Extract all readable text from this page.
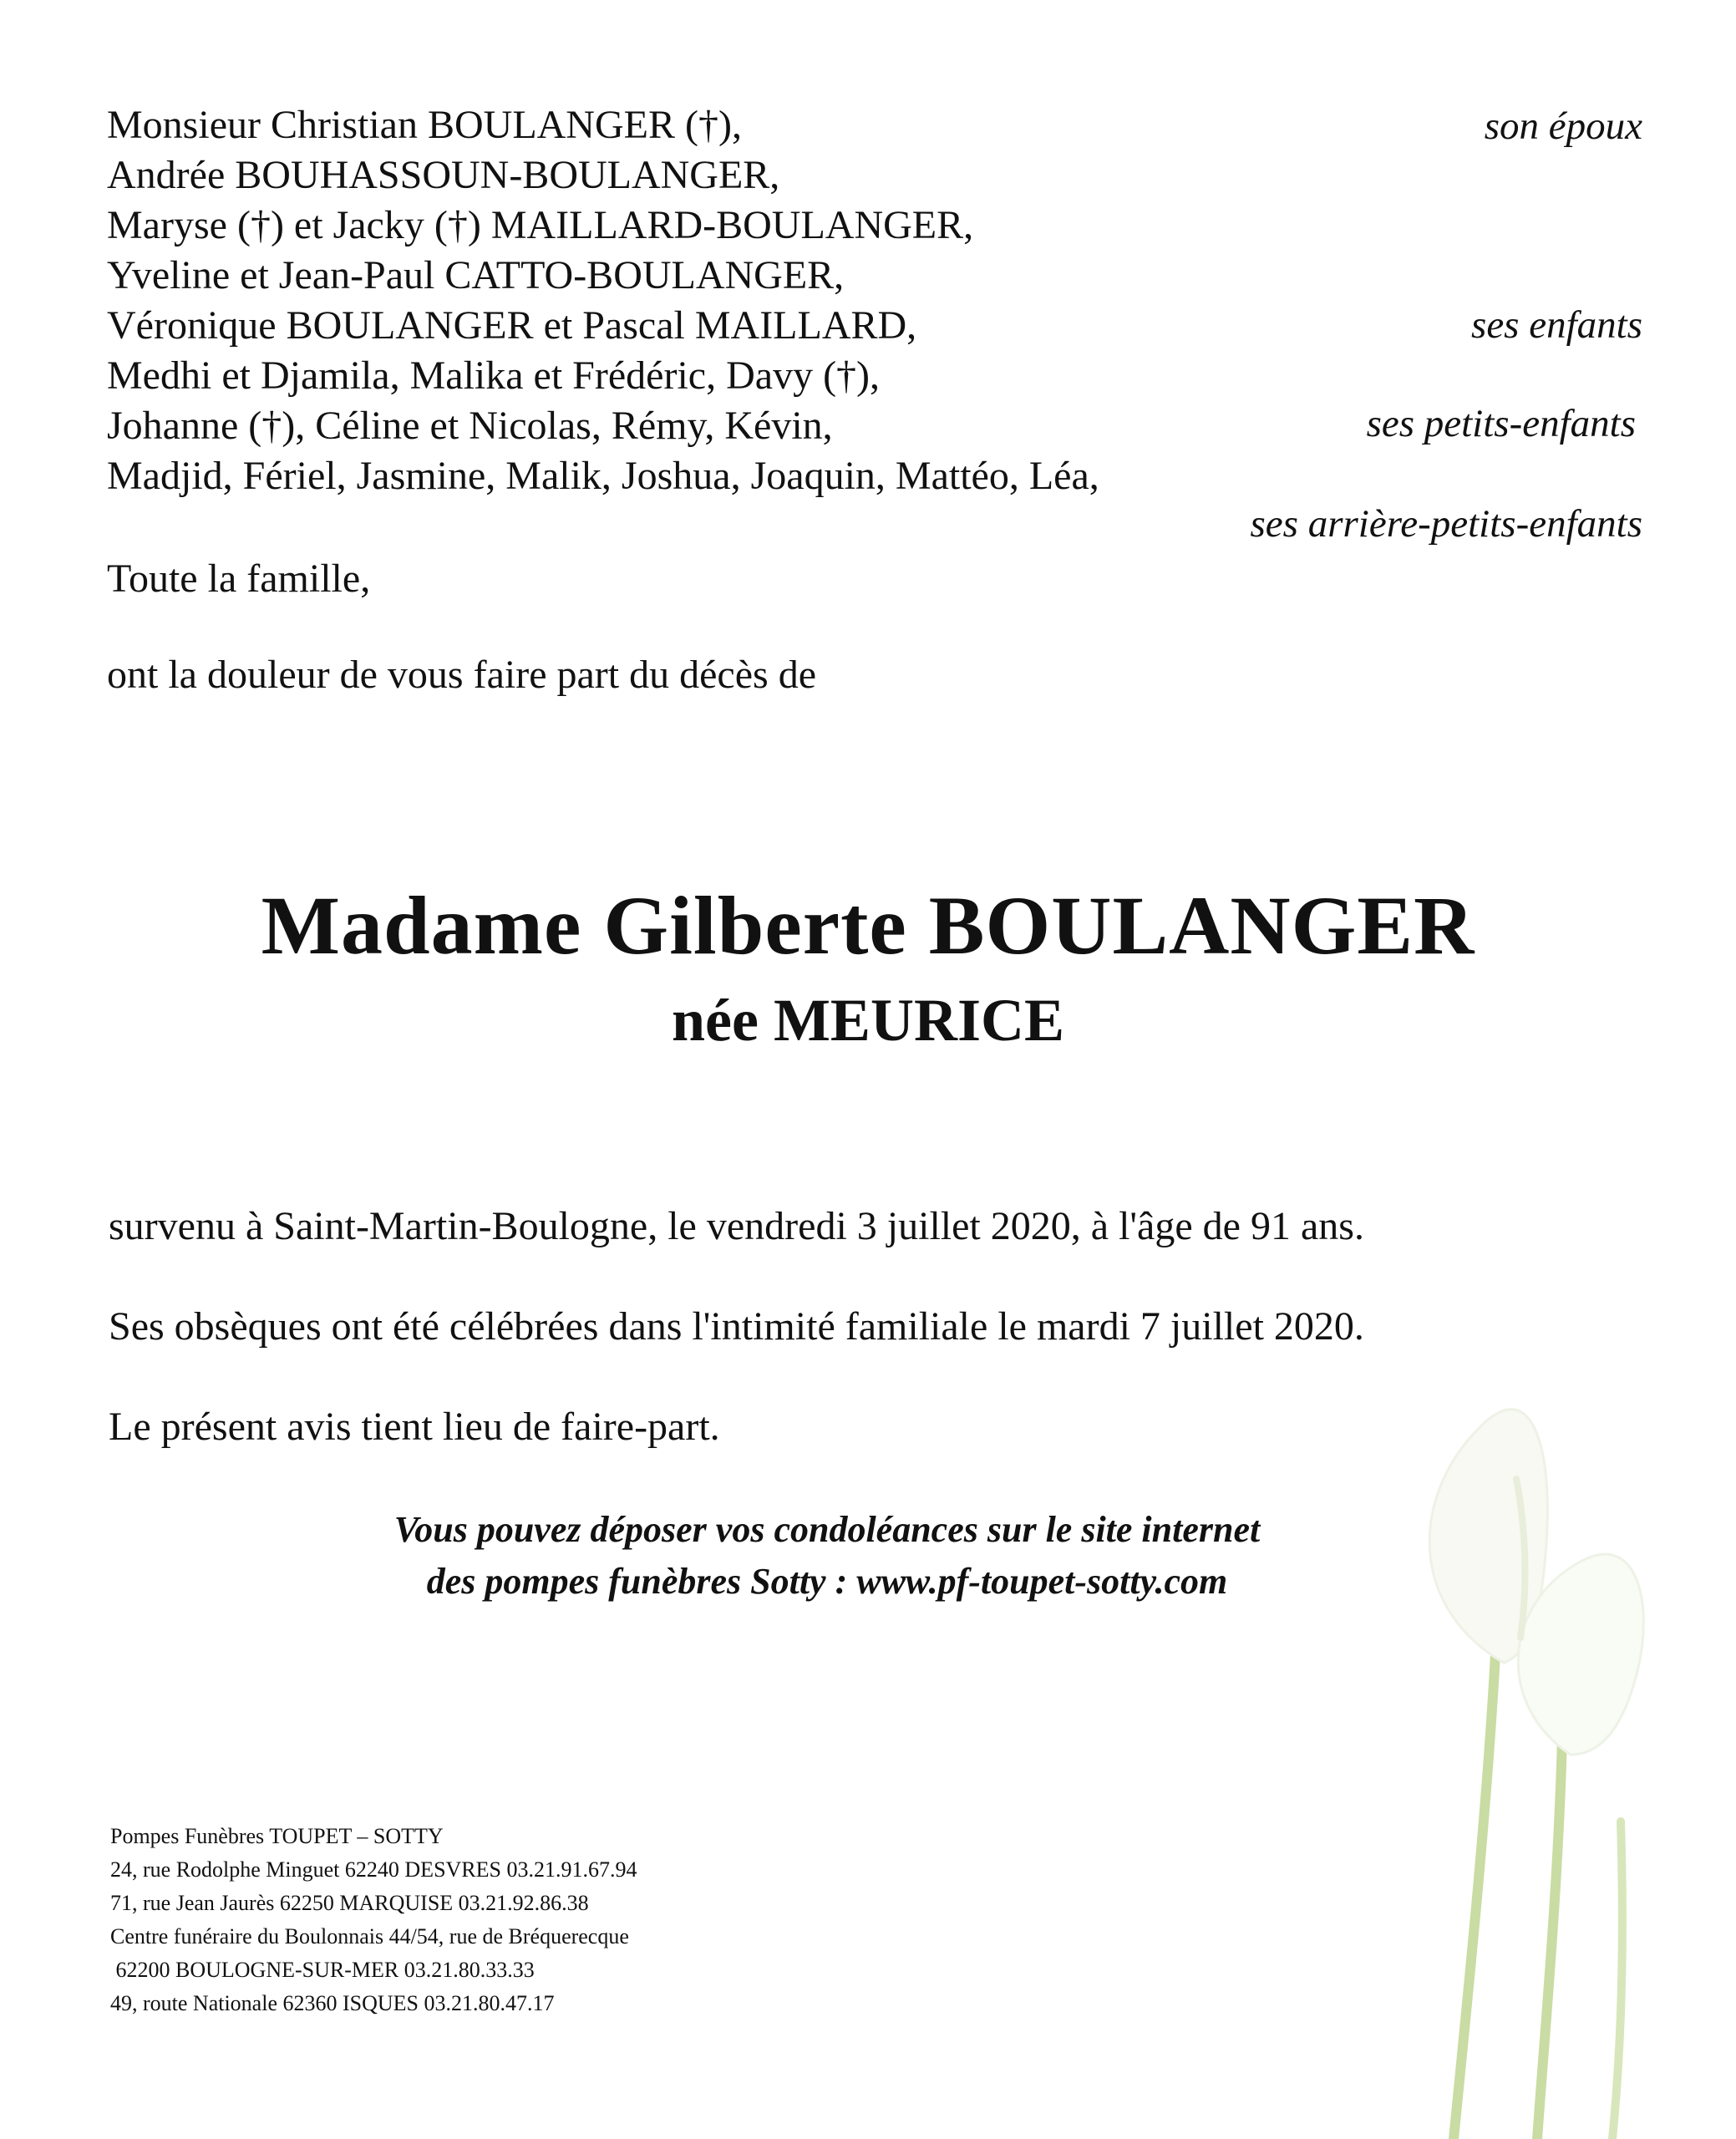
Monsieur Christian BOULANGER (†),
Andrée BOUHASSOUN-BOULANGER,
Maryse (†) et Jacky (†) MAILLARD-BOULANGER,
Yveline et Jean-Paul CATTO-BOULANGER,
Véronique BOULANGER et Pascal MAILLARD,
Medhi et Djamila, Malika et Frédéric, Davy (†),
Johanne (†), Céline et Nicolas, Rémy, Kévin,
Madjid, Fériel, Jasmine, Malik, Joshua, Joaquin, Mattéo, Léa,
son époux
ses enfants
ses petits-enfants
ses arrière-petits-enfants
Toute la famille,
ont la douleur de vous faire part du décès de
Madame Gilberte BOULANGER
née MEURICE
survenu à Saint-Martin-Boulogne, le vendredi 3 juillet 2020, à l'âge de 91 ans.
Ses obsèques ont été célébrées dans l'intimité familiale le mardi 7 juillet 2020.
Le présent avis tient lieu de faire-part.
Vous pouvez déposer vos condoléances sur le site internet
des pompes funèbres Sotty : www.pf-toupet-sotty.com
Pompes Funèbres TOUPET – SOTTY
24, rue Rodolphe Minguet 62240 DESVRES 03.21.91.67.94
71, rue Jean Jaurès 62250 MARQUISE 03.21.92.86.38
Centre funéraire du Boulonnais 44/54, rue de Bréquerecque
62200 BOULOGNE-SUR-MER 03.21.80.33.33
49, route Nationale 62360 ISQUES 03.21.80.47.17
